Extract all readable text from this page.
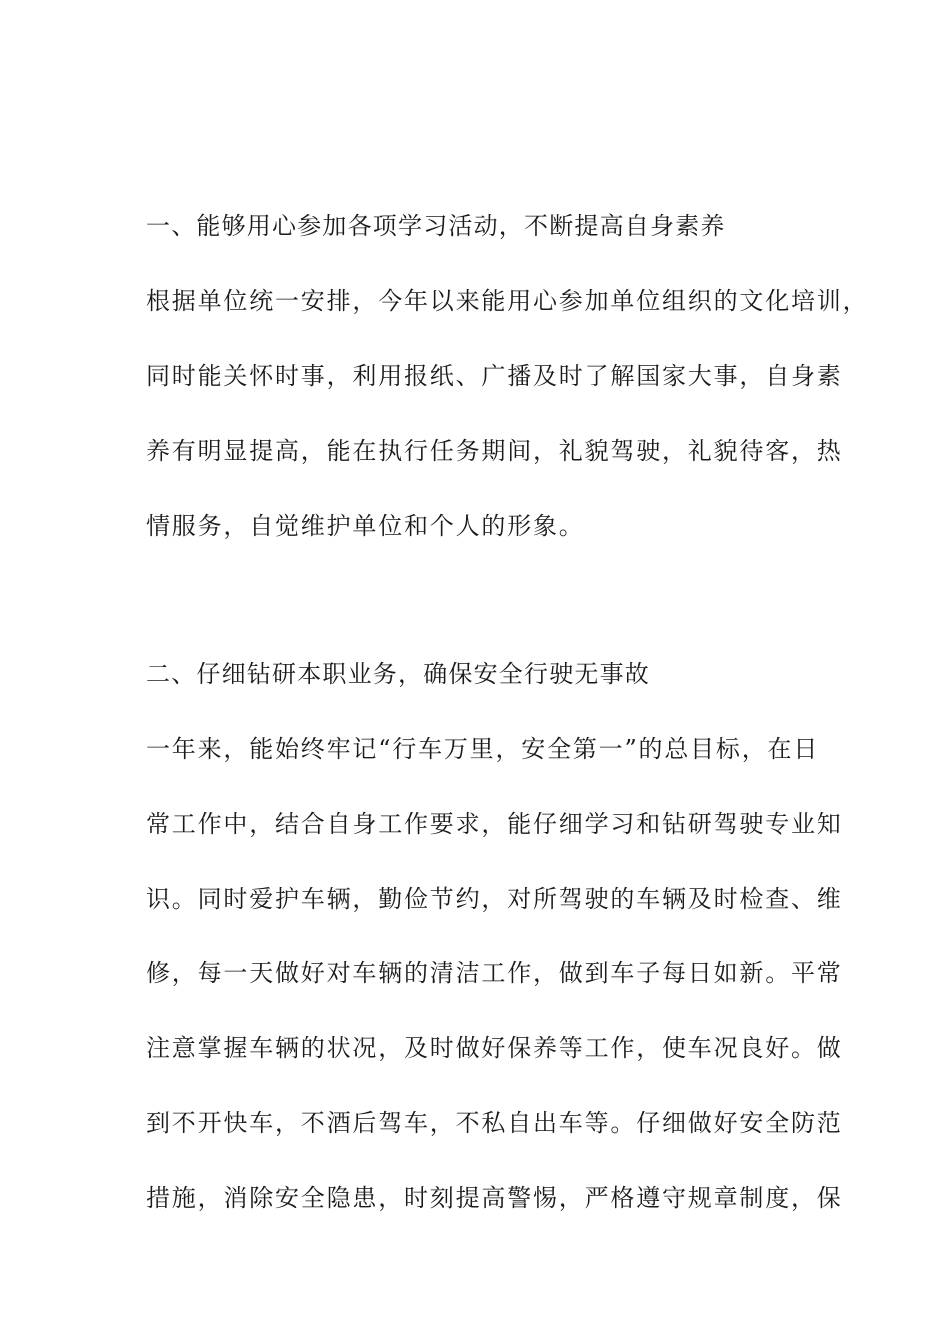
一、能够用心参加各项学习活动，不断提高自身素养
根据单位统一安排，今年以来能用心参加单位组织的文化培训，
同时能关怀时事，利用报纸、广播及时了解国家大事，自身素
养有明显提高，能在执行任务期间，礼貌驾驶，礼貌待客，热
情服务，自觉维护单位和个人的形象。
二、仔细钻研本职业务，确保安全行驶无事故
一年来，能始终牢记“行车万里，安全第一”的总目标，在日
常工作中，结合自身工作要求，能仔细学习和钻研驾驶专业知
识。同时爱护车辆，勤俭节约，对所驾驶的车辆及时检查、维
修，每一天做好对车辆的清洁工作，做到车子每日如新。平常
注意掌握车辆的状况，及时做好保养等工作，使车况良好。做
到不开快车，不酒后驾车，不私自出车等。仔细做好安全防范
措施，消除安全隐患，时刻提高警惕，严格遵守规章制度，保
